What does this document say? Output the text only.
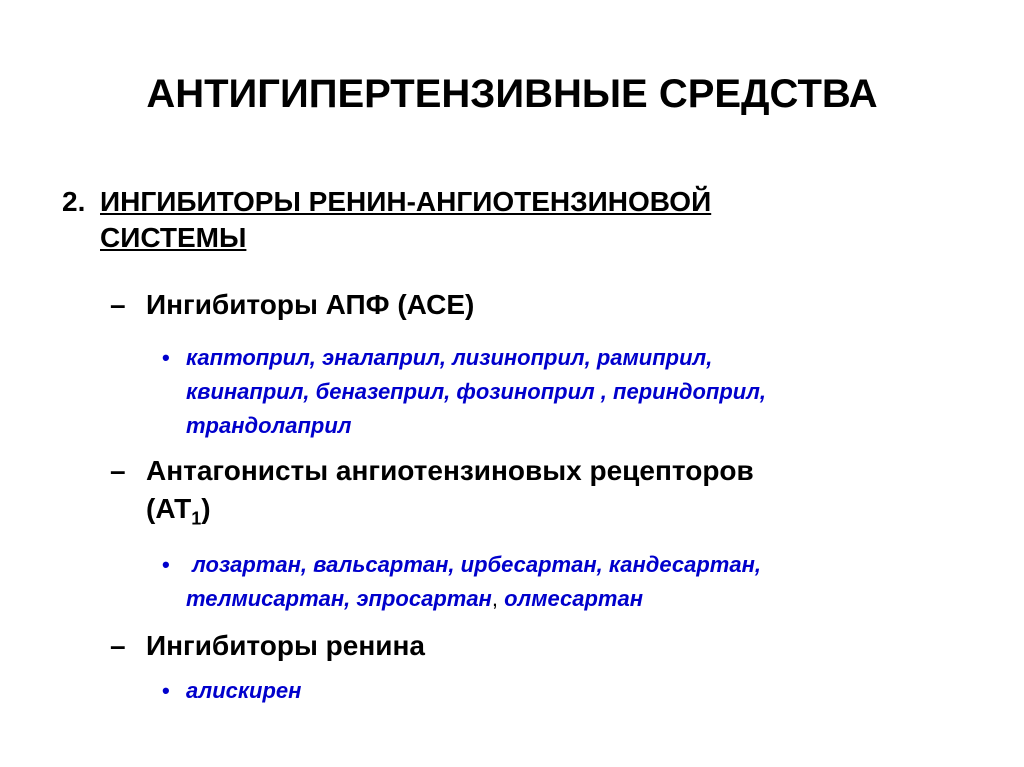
АНТИГИПЕРТЕНЗИВНЫЕ СРЕДСТВА
2. ИНГИБИТОРЫ РЕНИН-АНГИОТЕНЗИНОВОЙ
СИСТЕМЫ
– Ингибиторы АПФ (АСЕ)
• каптоприл, эналаприл, лизиноприл, рамиприл,
квинаприл, беназеприл, фозиноприл , периндоприл,
трандолаприл
– Антагонисты ангиотензиновых рецепторов
$(АТ_1)$
• лозартан, вальсартан, ирбесартан, кандесартан,
телмисартан, эпросартан, олмесартан
– Ингибиторы ренина
• алискирен
